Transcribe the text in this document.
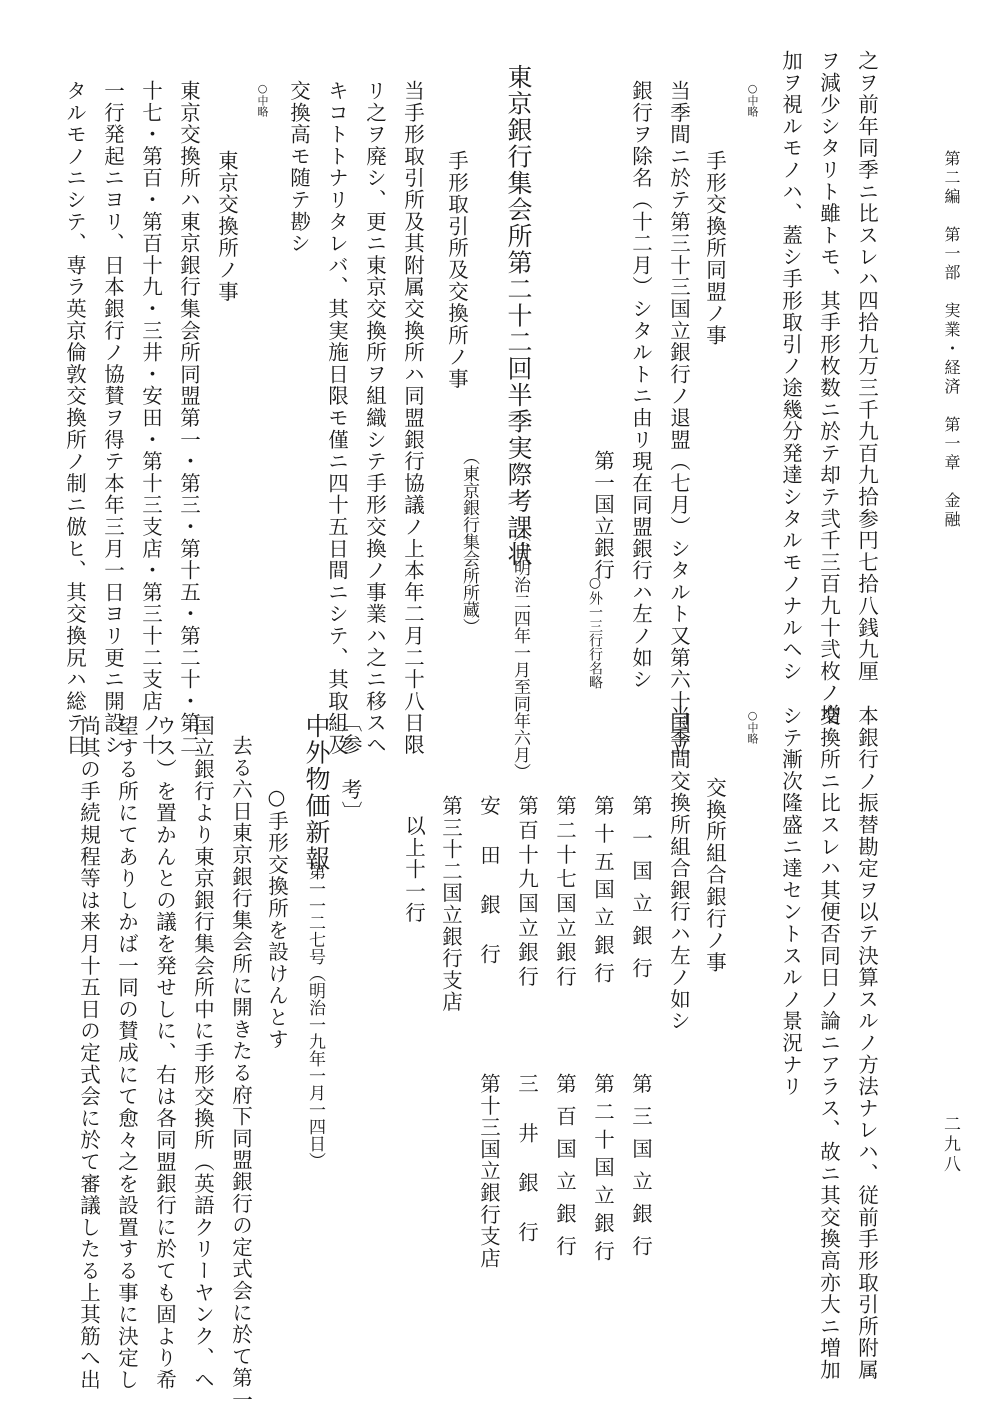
第二編　第一部　実業・経済　第一章　金融
二九八
之ヲ前年同季ニ比スレハ四拾九万三千九百九拾参円七拾八銭九厘
ヲ減少シタリト雖トモ、其手形枚数ニ於テ却テ弐千三百九十弐枚ノ増
加ヲ視ルモノハ、蓋シ手形取引ノ途幾分発達シタルモノナルヘシ
○中略
手形交換所同盟ノ事
当季間ニ於テ第三十三国立銀行ノ退盟（七月）シタルト又第六十国立
銀行ヲ除名（十二月）シタルトニ由リ現在同盟銀行ハ左ノ如シ
第一国立銀行
○外一三行行名略
東京銀行集会所第二十二回半季実際考課状
（自明治二四年一月至同年六月）
（東京銀行集会所所蔵）
手形取引所及交換所ノ事
当手形取引所及其附属交換所ハ同盟銀行協議ノ上本年二月二十八日限
リ之ヲ廃シ、更ニ東京交換所ヲ組織シテ手形交換ノ事業ハ之ニ移スヘ
キコトトナリタレバ、其実施日限モ僅ニ四十五日間ニシテ、其取組及
交換高モ随テ尠シ
○中略
東京交換所ノ事
東京交換所ハ東京銀行集会所同盟第一・第三・第十五・第二十・第二
十七・第百・第百十九・三井・安田・第十三支店・第三十二支店ノ十
一行発起ニヨリ、日本銀行ノ協賛ヲ得テ本年三月一日ヨリ更ニ開設シ
タルモノニシテ、専ラ英京倫敦交換所ノ制ニ倣ヒ、其交換尻ハ総テ日
本銀行ノ振替勘定ヲ以テ決算スルノ方法ナレハ、従前手形取引所附属
交換所ニ比スレハ其便否同日ノ論ニアラス、故ニ其交換高亦大ニ増加
シテ漸次隆盛ニ達セントスルノ景況ナリ
○中略
交換所組合銀行ノ事
当季間交換所組合銀行ハ左ノ如シ
第一国立銀行
第十五国立銀行
第二十七国立銀行
第百十九国立銀行
安田銀行
第三十二国立銀行支店
以上十一行
第三国立銀行
第二十国立銀行
第百国立銀行
三井銀行
第十三国立銀行支店
〔参　考〕
中外物価新報
第一一二七号（明治一九年一月一四日）
○手形交換所を設けんとす
去る六日東京銀行集会所に開きたる府下同盟銀行の定式会に於て第一
国立銀行より東京銀行集会所中に手形交換所（英語クリーヤンク、ヘ
ウス）を置かんとの議を発せしに、右は各同盟銀行に於ても固より希
望する所にてありしかば一同の賛成にて愈々之を設置する事に決定し
尚其の手続規程等は来月十五日の定式会に於て審議したる上其筋へ出
